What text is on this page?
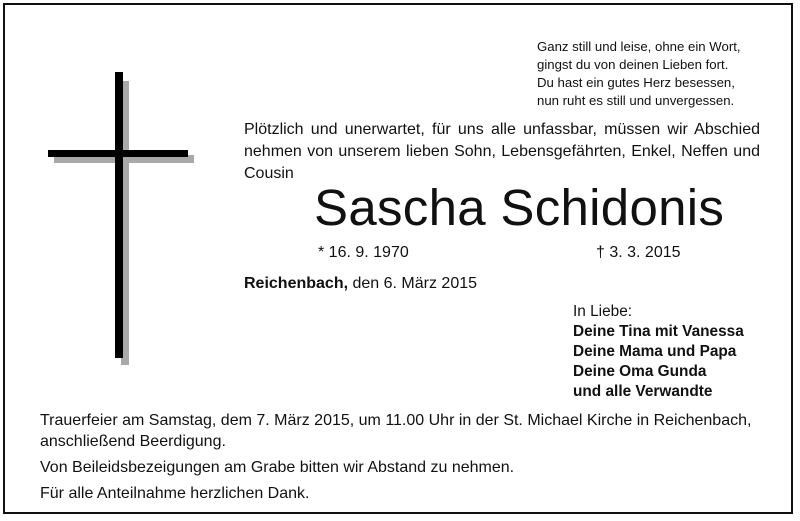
Ganz still und leise, ohne ein Wort,
gingst du von deinen Lieben fort.
Du hast ein gutes Herz besessen,
nun ruht es still und unvergessen.
Plötzlich und unerwartet, für uns alle unfassbar, müssen wir Abschied nehmen von unserem lieben Sohn, Lebensgefährten, Enkel, Neffen und
Cousin
Sascha Schidonis
* 16. 9. 1970	† 3. 3. 2015
Reichenbach, den 6. März 2015
In Liebe:
Deine Tina mit Vanessa
Deine Mama und Papa
Deine Oma Gunda
und alle Verwandte
Trauerfeier am Samstag, dem 7. März 2015, um 11.00 Uhr in der St. Michael Kirche in Reichenbach, anschließend Beerdigung.
Von Beileidsbezeigungen am Grabe bitten wir Abstand zu nehmen.
Für alle Anteilnahme herzlichen Dank.
